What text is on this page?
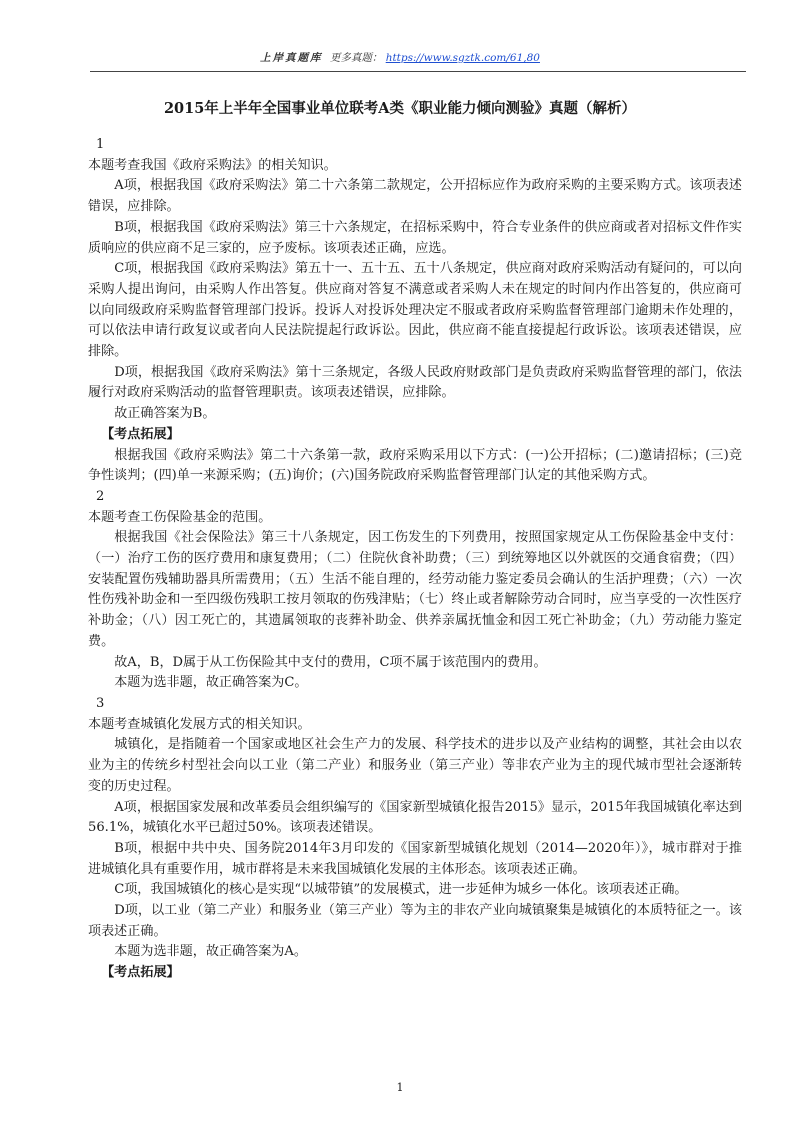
上岸真题库 更多真题： https://www.sgztk.com/61,80
2015年上半年全国事业单位联考A类《职业能力倾向测验》真题（解析）

1

本题考查我国《政府采购法》的相关知识。

A项，根据我国《政府采购法》第二十六条第二款规定，公开招标应作为政府采购的主要采购方式。该项表述错误，应排除。

B项，根据我国《政府采购法》第三十六条规定，在招标采购中，符合专业条件的供应商或者对招标文件作实质响应的供应商不足三家的，应予废标。该项表述正确，应选。

C项，根据我国《政府采购法》第五十一、五十五、五十八条规定，供应商对政府采购活动有疑问的，可以向采购人提出询问，由采购人作出答复。供应商对答复不满意或者采购人未在规定的时间内作出答复的，供应商可以向同级政府采购监督管理部门投诉。投诉人对投诉处理决定不服或者政府采购监督管理部门逾期未作处理的，可以依法申请行政复议或者向人民法院提起行政诉讼。因此，供应商不能直接提起行政诉讼。该项表述错误，应排除。

D项，根据我国《政府采购法》第十三条规定，各级人民政府财政部门是负责政府采购监督管理的部门，依法履行对政府采购活动的监督管理职责。该项表述错误，应排除。

故正确答案为B。

【考点拓展】

根据我国《政府采购法》第二十六条第一款，政府采购采用以下方式：(一)公开招标；(二)邀请招标；(三)竞争性谈判；(四)单一来源采购；(五)询价；(六)国务院政府采购监督管理部门认定的其他采购方式。

2

本题考查工伤保险基金的范围。

根据我国《社会保险法》第三十八条规定，因工伤发生的下列费用，按照国家规定从工伤保险基金中支付：（一）治疗工伤的医疗费用和康复费用；（二）住院伙食补助费；（三）到统筹地区以外就医的交通食宿费；（四）安装配置伤残辅助器具所需费用；（五）生活不能自理的，经劳动能力鉴定委员会确认的生活护理费；（六）一次性伤残补助金和一至四级伤残职工按月领取的伤残津贴；（七）终止或者解除劳动合同时，应当享受的一次性医疗补助金；（八）因工死亡的，其遗属领取的丧葬补助金、供养亲属抚恤金和因工死亡补助金；（九）劳动能力鉴定费。

故A，B，D属于从工伤保险其中支付的费用，C项不属于该范围内的费用。

本题为选非题，故正确答案为C。

3

本题考查城镇化发展方式的相关知识。

城镇化，是指随着一个国家或地区社会生产力的发展、科学技术的进步以及产业结构的调整，其社会由以农业为主的传统乡村型社会向以工业（第二产业）和服务业（第三产业）等非农产业为主的现代城市型社会逐渐转变的历史过程。

A项，根据国家发展和改革委员会组织编写的《国家新型城镇化报告2015》显示，2015年我国城镇化率达到56.1%，城镇化水平已超过50%。该项表述错误。

B项，根据中共中央、国务院2014年3月印发的《国家新型城镇化规划（2014—2020年）》，城市群对于推进城镇化具有重要作用，城市群将是未来我国城镇化发展的主体形态。该项表述正确。

C项，我国城镇化的核心是实现“以城带镇”的发展模式，进一步延伸为城乡一体化。该项表述正确。

D项，以工业（第二产业）和服务业（第三产业）等为主的非农产业向城镇聚集是城镇化的本质特征之一。该项表述正确。

本题为选非题，故正确答案为A。

【考点拓展】

1
